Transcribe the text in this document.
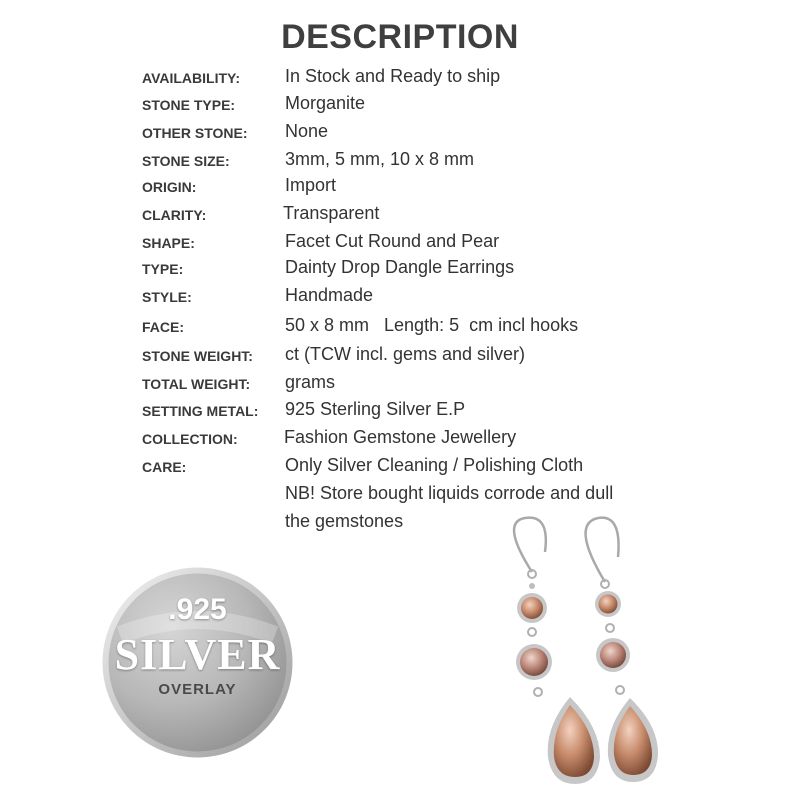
DESCRIPTION
AVAILABILITY:	In Stock and Ready to ship
STONE TYPE:	Morganite
OTHER STONE: None
STONE SIZE:	3mm, 5 mm, 10 x 8 mm
ORIGIN:	Import
CLARITY:	Transparent
SHAPE:	Facet Cut Round and Pear
TYPE:	Dainty Drop Dangle Earrings
STYLE:	Handmade
FACE:	50 x 8 mm   Length: 5  cm incl hooks
STONE WEIGHT: ct (TCW incl. gems and silver)
TOTAL WEIGHT: grams
SETTING METAL: 925 Sterling Silver E.P
COLLECTION:	Fashion Gemstone Jewellery
CARE:	Only Silver Cleaning / Polishing Cloth
NB! Store bought liquids corrode and dull
the gemstones
.925
SILVER
OVERLAY
